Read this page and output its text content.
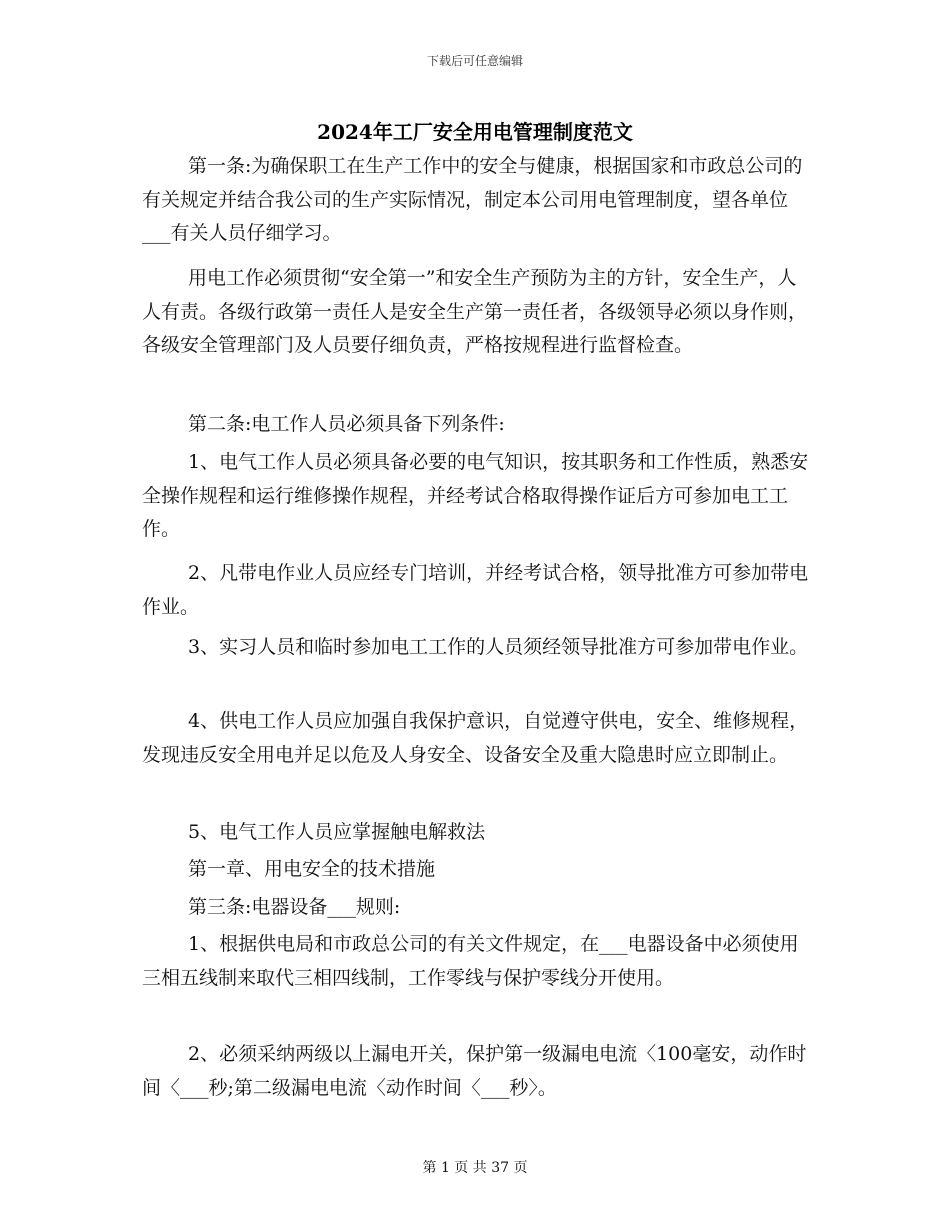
下载后可任意编辑
2024年工厂安全用电管理制度范文

第一条:为确保职工在生产工作中的安全与健康，根据国家和市政总公司的有关规定并结合我公司的生产实际情况，制定本公司用电管理制度，望各单位___有关人员仔细学习。

用电工作必须贯彻“安全第一”和安全生产预防为主的方针，安全生产，人人有责。各级行政第一责任人是安全生产第一责任者，各级领导必须以身作则，各级安全管理部门及人员要仔细负责，严格按规程进行监督检查。

第二条:电工作人员必须具备下列条件:

1、电气工作人员必须具备必要的电气知识，按其职务和工作性质，熟悉安全操作规程和运行维修操作规程，并经考试合格取得操作证后方可参加电工工作。

2、凡带电作业人员应经专门培训，并经考试合格，领导批准方可参加带电作业。

3、实习人员和临时参加电工工作的人员须经领导批准方可参加带电作业。

4、供电工作人员应加强自我保护意识，自觉遵守供电，安全、维修规程，发现违反安全用电并足以危及人身安全、设备安全及重大隐患时应立即制止。

5、电气工作人员应掌握触电解救法

第一章、用电安全的技术措施

第三条:电器设备___规则:

1、根据供电局和市政总公司的有关文件规定，在___电器设备中必须使用三相五线制来取代三相四线制，工作零线与保护零线分开使用。

2、必须采纳两级以上漏电开关，保护第一级漏电电流〈100毫安，动作时间〈___秒;第二级漏电电流〈动作时间〈___秒〉。

第 1 页 共 37 页
